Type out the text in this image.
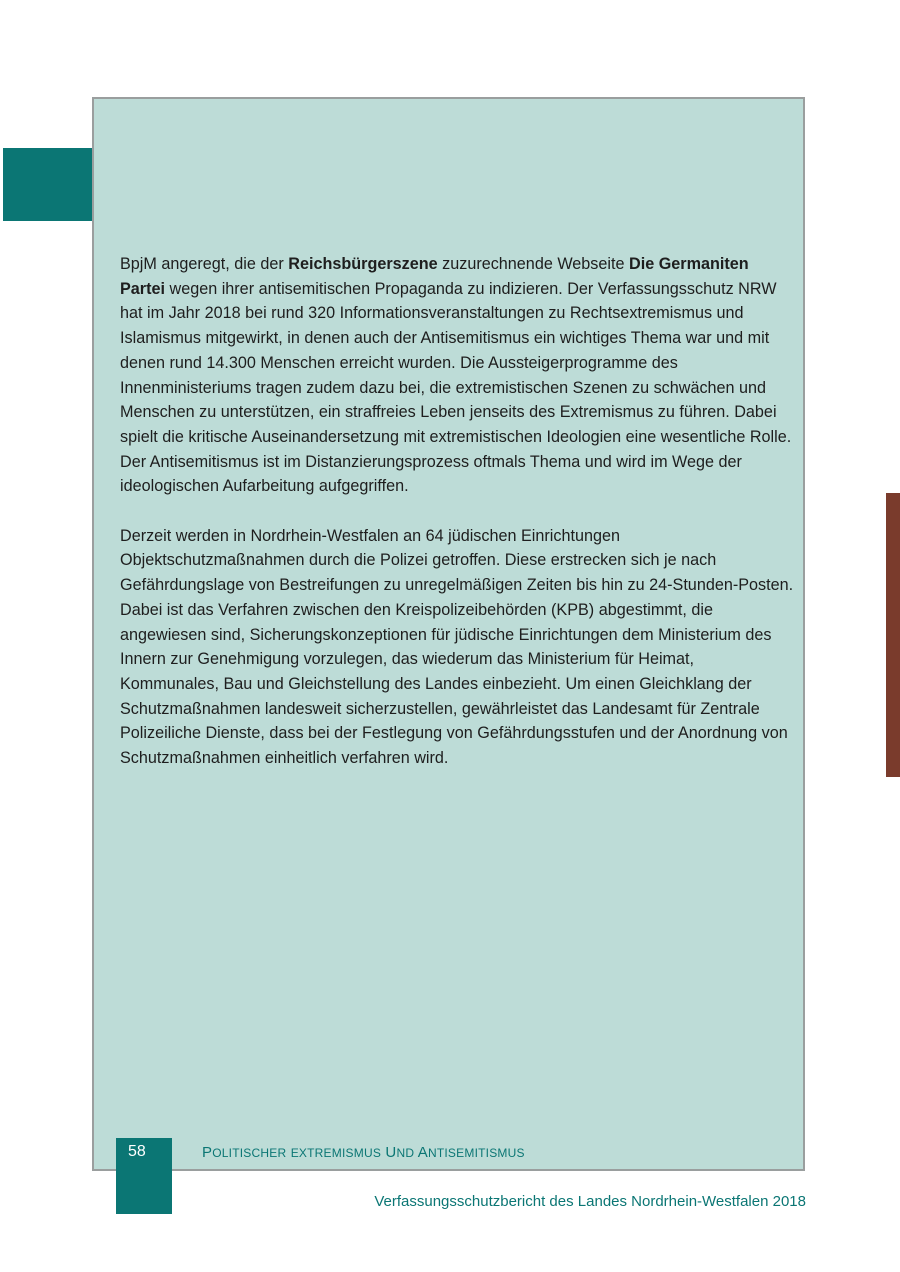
BpjM angeregt, die der Reichsbürgerszene zuzurechnende Webseite Die Germaniten Partei wegen ihrer antisemitischen Propaganda zu indizieren. Der Verfassungsschutz NRW hat im Jahr 2018 bei rund 320 Informationsveranstaltungen zu Rechtsextremismus und Islamismus mitgewirkt, in denen auch der Antisemitismus ein wichtiges Thema war und mit denen rund 14.300 Menschen erreicht wurden. Die Aussteigerprogramme des Innenministeriums tragen zudem dazu bei, die extremistischen Szenen zu schwächen und Menschen zu unterstützen, ein straffreies Leben jenseits des Extremismus zu führen. Dabei spielt die kritische Auseinandersetzung mit extremistischen Ideologien eine wesentliche Rolle. Der Antisemitismus ist im Distanzierungsprozess oftmals Thema und wird im Wege der ideologischen Aufarbeitung aufgegriffen.

Derzeit werden in Nordrhein-Westfalen an 64 jüdischen Einrichtungen Objektschutzmaßnahmen durch die Polizei getroffen. Diese erstrecken sich je nach Gefährdungslage von Bestreifungen zu unregelmäßigen Zeiten bis hin zu 24-Stunden-Posten. Dabei ist das Verfahren zwischen den Kreispolizeibehörden (KPB) abgestimmt, die angewiesen sind, Sicherungskonzeptionen für jüdische Einrichtungen dem Ministerium des Innern zur Genehmigung vorzulegen, das wiederum das Ministerium für Heimat, Kommunales, Bau und Gleichstellung des Landes einbezieht. Um einen Gleichklang der Schutzmaßnahmen landesweit sicherzustellen, gewährleistet das Landesamt für Zentrale Polizeiliche Dienste, dass bei der Festlegung von Gefährdungsstufen und der Anordnung von Schutzmaßnahmen einheitlich verfahren wird.

58	POLITISCHER EXTREMISMUS UND ANTISEMITISMUS
Verfassungsschutzbericht des Landes Nordrhein-Westfalen 2018
